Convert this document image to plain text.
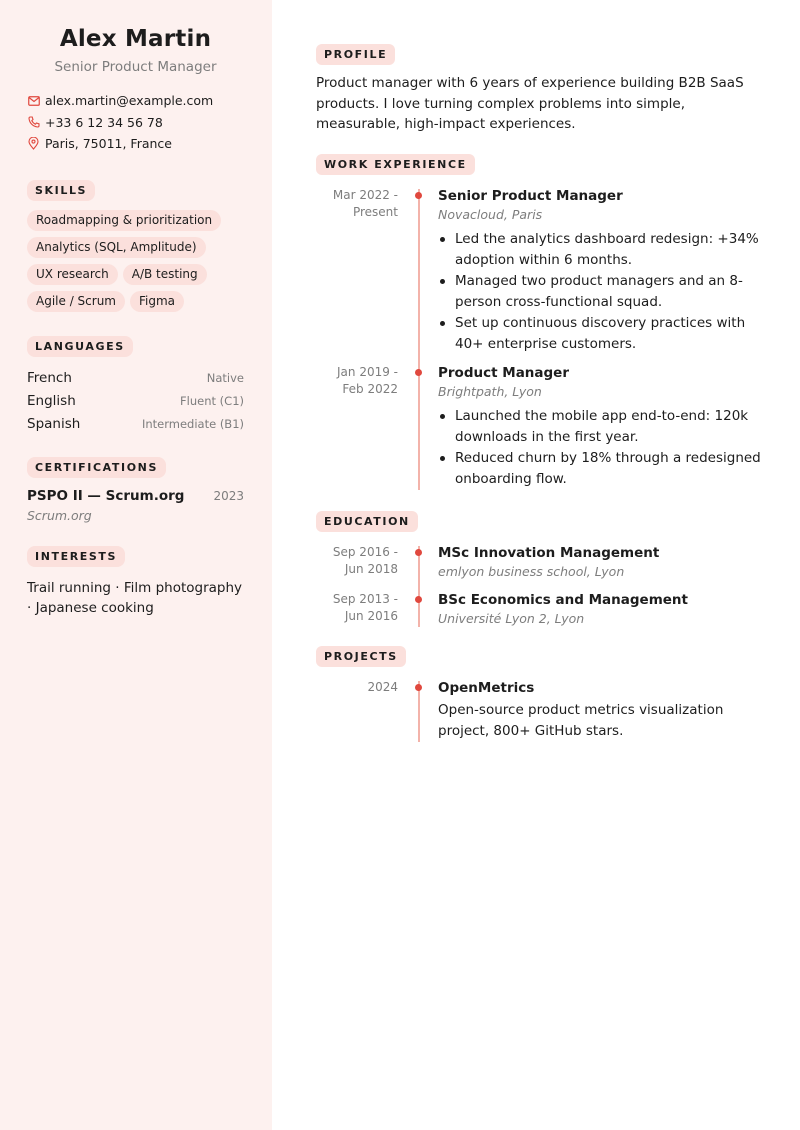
Alex Martin
Senior Product Manager
alex.martin@example.com
+33 6 12 34 56 78
Paris, 75011, France
SKILLS
Roadmapping & prioritization
Analytics (SQL, Amplitude)
UX research	A/B testing
Agile / Scrum	Figma
LANGUAGES
French	Native
English	Fluent (C1)
Spanish	Intermediate (B1)
CERTIFICATIONS
PSPO II — Scrum.org 2023
Scrum.org
INTERESTS
Trail running · Film photography · Japanese cooking
PROFILE

Product manager with 6 years of experience building B2B SaaS products. I love turning complex problems into simple, measurable, high-impact experiences.

WORK EXPERIENCE
Mar 2022 - Present
Senior Product Manager
Novacloud, Paris
Led the analytics dashboard redesign: +34% adoption within 6 months.
Managed two product managers and an 8-person cross-functional squad.
Set up continuous discovery practices with 40+ enterprise customers.
Jan 2019 - Feb 2022
Product Manager
Brightpath, Lyon
Launched the mobile app end-to-end: 120k downloads in the first year.
Reduced churn by 18% through a redesigned onboarding flow.
EDUCATION
Sep 2016 - Jun 2018
MSc Innovation Management
emlyon business school, Lyon
Sep 2013 - Jun 2016
BSc Economics and Management
Université Lyon 2, Lyon
PROJECTS
2024	OpenMetrics
Open-source product metrics visualization project, 800+ GitHub stars.
